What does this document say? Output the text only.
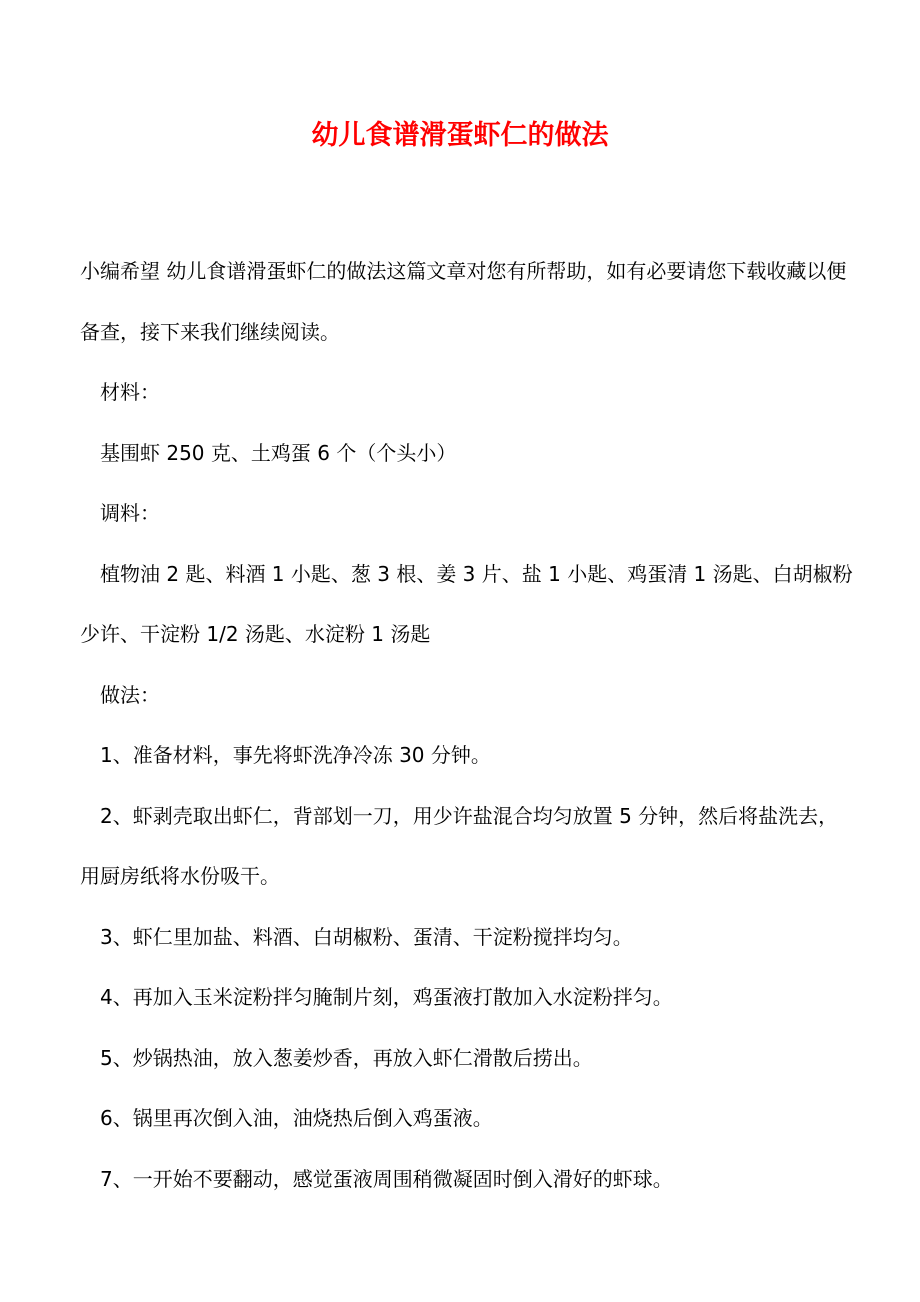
幼儿食谱滑蛋虾仁的做法

小编希望 幼儿食谱滑蛋虾仁的做法这篇文章对您有所帮助，如有必要请您下载收藏以便备查，接下来我们继续阅读。

材料：

基围虾 250 克、土鸡蛋 6 个（个头小）

调料：

植物油 2 匙、料酒 1 小匙、葱 3 根、姜 3 片、盐 1 小匙、鸡蛋清 1 汤匙、白胡椒粉少许、干淀粉 1/2 汤匙、水淀粉 1 汤匙

做法：

1、准备材料，事先将虾洗净冷冻 30 分钟。

2、虾剥壳取出虾仁，背部划一刀，用少许盐混合均匀放置 5 分钟，然后将盐洗去，用厨房纸将水份吸干。

3、虾仁里加盐、料酒、白胡椒粉、蛋清、干淀粉搅拌均匀。

4、再加入玉米淀粉拌匀腌制片刻，鸡蛋液打散加入水淀粉拌匀。

5、炒锅热油，放入葱姜炒香，再放入虾仁滑散后捞出。

6、锅里再次倒入油，油烧热后倒入鸡蛋液。

7、一开始不要翻动，感觉蛋液周围稍微凝固时倒入滑好的虾球。
